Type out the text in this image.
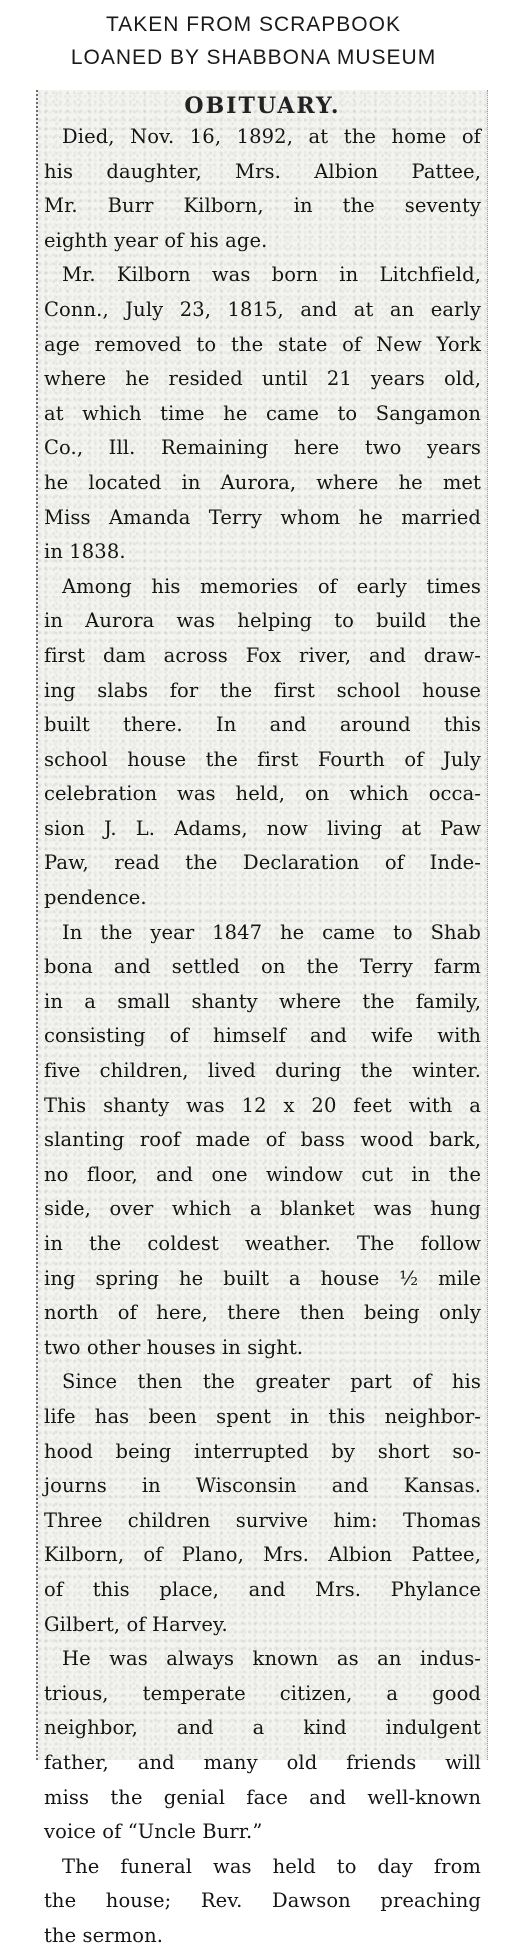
TAKEN FROM SCRAPBOOK
LOANED BY SHABBONA MUSEUM
OBITUARY.
Died, Nov. 16, 1892, at the home of
his daughter, Mrs. Albion Pattee,
Mr. Burr Kilborn, in the seventy
eighth year of his age.
Mr. Kilborn was born in Litchfield,
Conn., July 23, 1815, and at an early
age removed to the state of New York
where he resided until 21 years old,
at which time he came to Sangamon
Co., Ill. Remaining here two years
he located in Aurora, where he met
Miss Amanda Terry whom he married
in 1838.
Among his memories of early times
in Aurora was helping to build the
first dam across Fox river, and draw-
ing slabs for the first school house
built there. In and around this
school house the first Fourth of July
celebration was held, on which occa-
sion J. L. Adams, now living at Paw
Paw, read the Declaration of Inde-
pendence.
In the year 1847 he came to Shab
bona and settled on the Terry farm
in a small shanty where the family,
consisting of himself and wife with
five children, lived during the winter.
This shanty was 12 x 20 feet with a
slanting roof made of bass wood bark,
no floor, and one window cut in the
side, over which a blanket was hung
in the coldest weather. The follow
ing spring he built a house ½ mile
north of here, there then being only
two other houses in sight.
Since then the greater part of his
life has been spent in this neighbor-
hood being interrupted by short so-
journs in Wisconsin and Kansas.
Three children survive him: Thomas
Kilborn, of Plano, Mrs. Albion Pattee,
of this place, and Mrs. Phylance
Gilbert, of Harvey.
He was always known as an indus-
trious, temperate citizen, a good
neighbor, and a kind indulgent
father, and many old friends will
miss the genial face and well-known
voice of “Uncle Burr.”
The funeral was held to day from
the house; Rev. Dawson preaching
the sermon.
